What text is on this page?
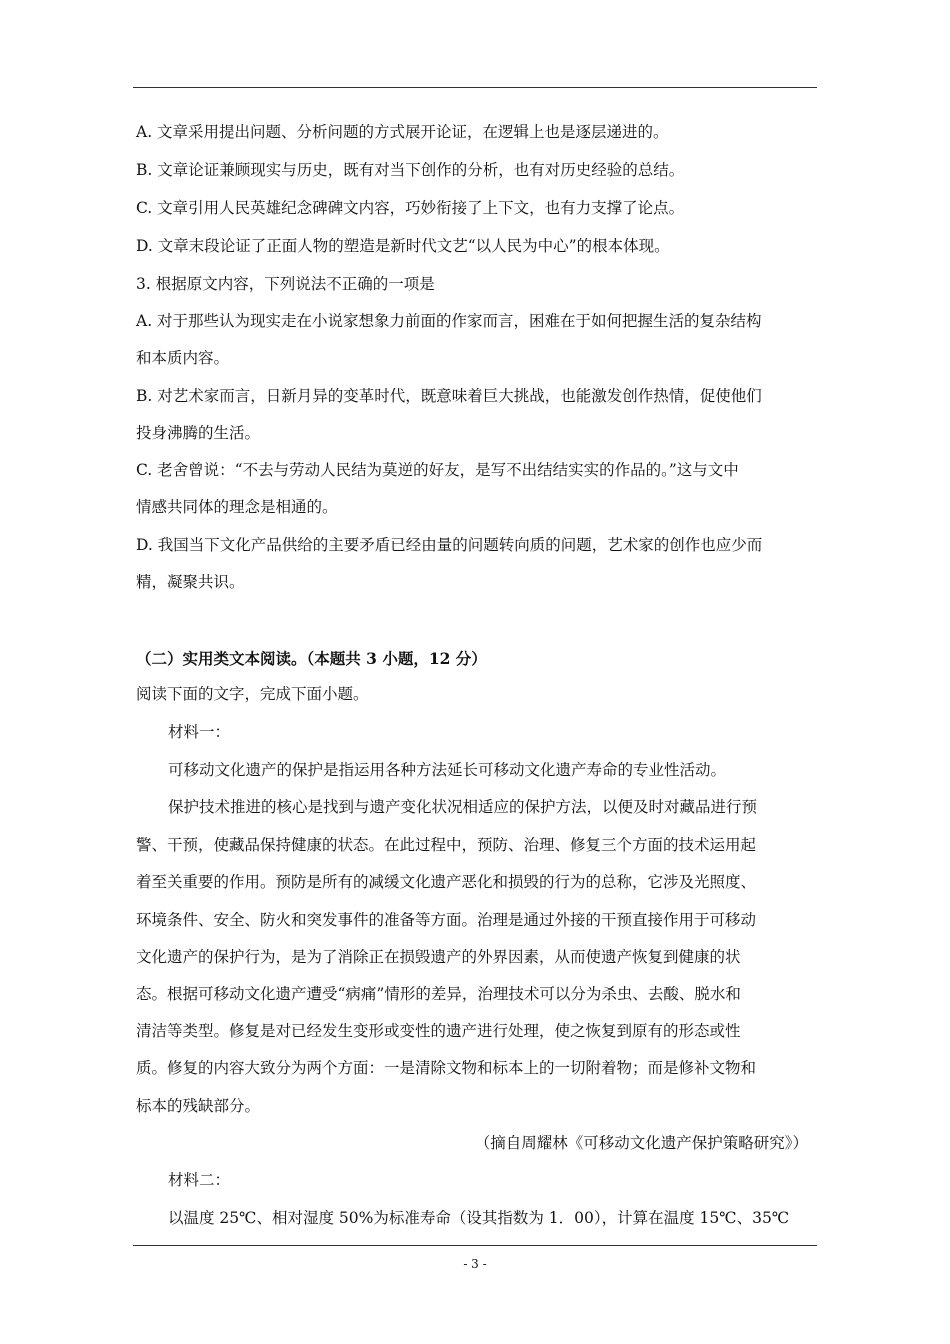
A. 文章采用提出问题、分析问题的方式展开论证，在逻辑上也是逐层递进的。
B. 文章论证兼顾现实与历史，既有对当下创作的分析，也有对历史经验的总结。
C. 文章引用人民英雄纪念碑碑文内容，巧妙衔接了上下文，也有力支撑了论点。
D. 文章末段论证了正面人物的塑造是新时代文艺“以人民为中心”的根本体现。
3. 根据原文内容，下列说法不正确的一项是
A. 对于那些认为现实走在小说家想象力前面的作家而言，困难在于如何把握生活的复杂结构
和本质内容。
B. 对艺术家而言，日新月异的变革时代，既意味着巨大挑战，也能激发创作热情，促使他们
投身沸腾的生活。
C. 老舍曾说：“不去与劳动人民结为莫逆的好友，是写不出结结实实的作品的。”这与文中
情感共同体的理念是相通的。
D. 我国当下文化产品供给的主要矛盾已经由量的问题转向质的问题，艺术家的创作也应少而
精，凝聚共识。
（二）实用类文本阅读。（本题共 3 小题，12 分）
阅读下面的文字，完成下面小题。
材料一：
可移动文化遗产的保护是指运用各种方法延长可移动文化遗产寿命的专业性活动。
保护技术推进的核心是找到与遗产变化状况相适应的保护方法，以便及时对藏品进行预
警、干预，使藏品保持健康的状态。在此过程中，预防、治理、修复三个方面的技术运用起
着至关重要的作用。预防是所有的减缓文化遗产恶化和损毁的行为的总称，它涉及光照度、
环境条件、安全、防火和突发事件的准备等方面。治理是通过外接的干预直接作用于可移动
文化遗产的保护行为，是为了消除正在损毁遗产的外界因素，从而使遗产恢复到健康的状
态。根据可移动文化遗产遭受“病痛”情形的差异，治理技术可以分为杀虫、去酸、脱水和
清洁等类型。修复是对已经发生变形或变性的遗产进行处理，使之恢复到原有的形态或性
质。修复的内容大致分为两个方面：一是清除文物和标本上的一切附着物；而是修补文物和
标本的残缺部分。
（摘自周耀林《可移动文化遗产保护策略研究》）
材料二：
以温度 25℃、相对湿度 50%为标准寿命（设其指数为 1．00），计算在温度 15℃、35℃
- 3 -
